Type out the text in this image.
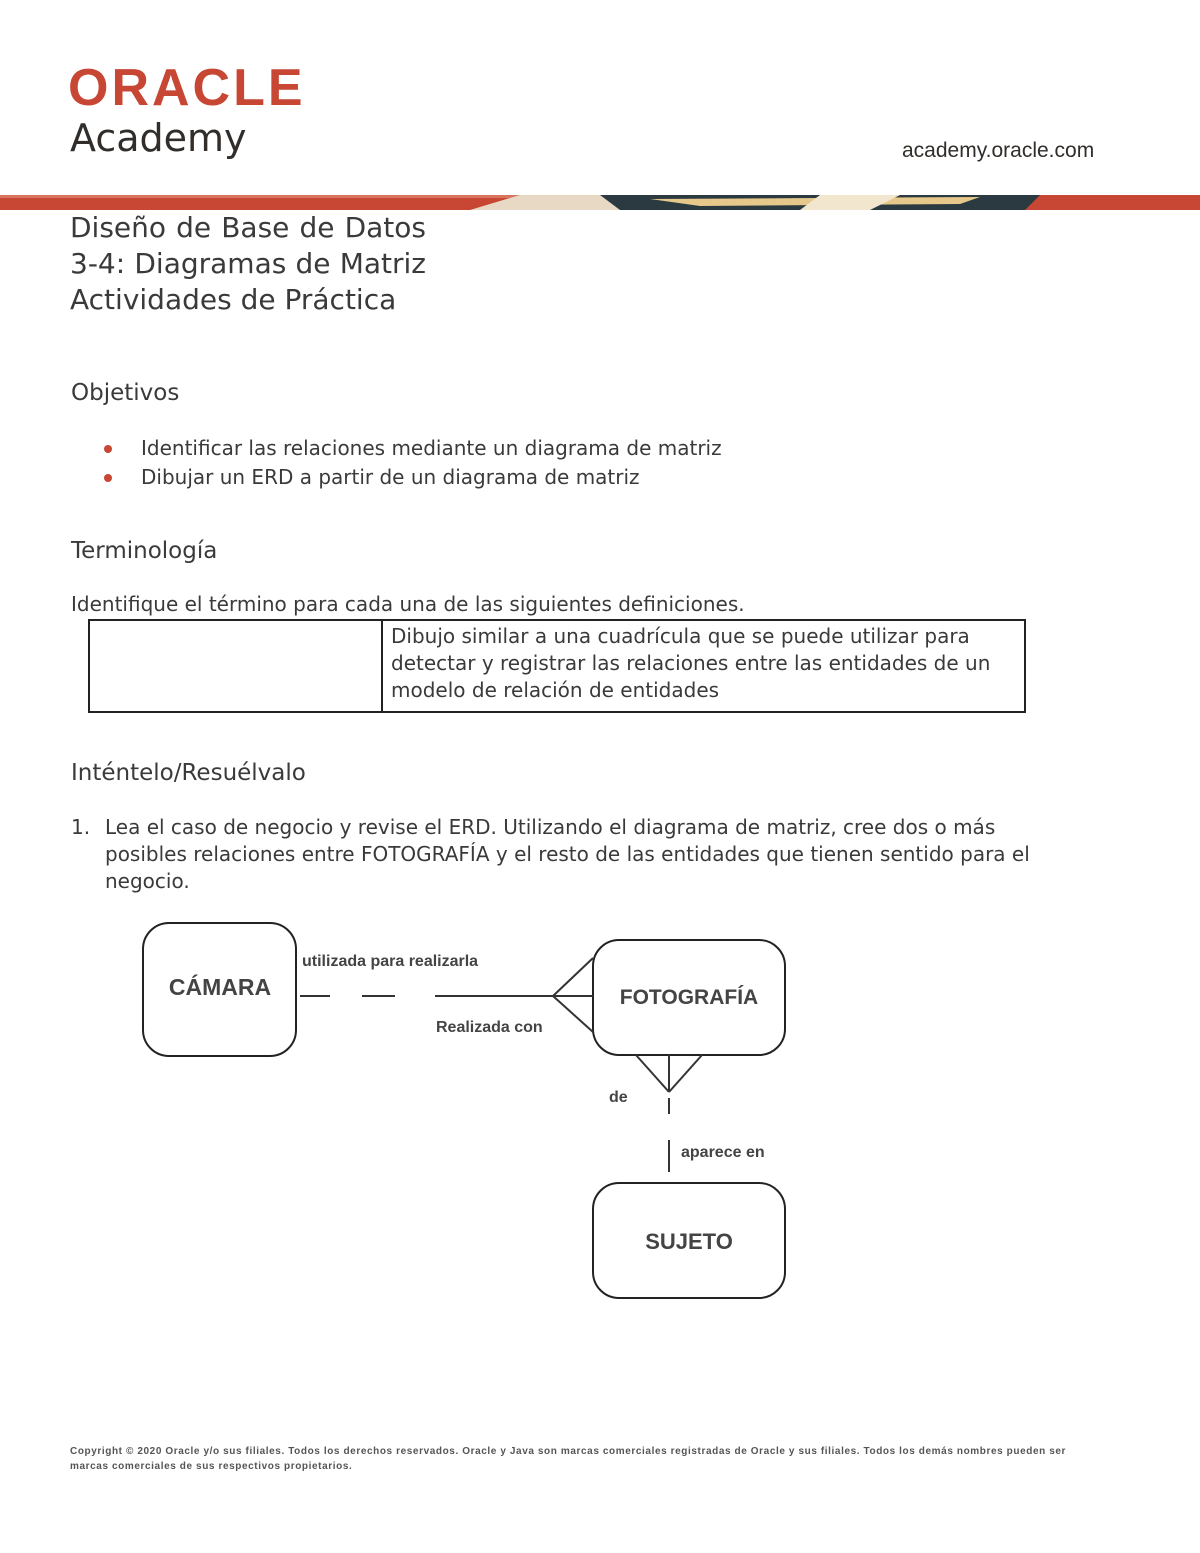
ORACLE
Academy	academy.oracle.com
Diseño de Base de Datos 3-4: Diagramas de Matriz Actividades de Práctica
Objetivos
Identificar las relaciones mediante un diagrama de matriz
Dibujar un ERD a partir de un diagrama de matriz
Terminología
Identifique el término para cada una de las siguientes definiciones.
Dibujo similar a una cuadrícula que se puede utilizar para detectar y registrar las relaciones entre las entidades de un modelo de relación de entidades
Inténtelo/Resuélvalo
1. Lea el caso de negocio y revise el ERD. Utilizando el diagrama de matriz, cree dos o más posibles relaciones entre FOTOGRAFÍA y el resto de las entidades que tienen sentido para el negocio.
CÁMARA	FOTOGRAFÍA
SUJETO
utilizada para realizarla
Realizada con
de
aparece en
Copyright © 2020 Oracle y/o sus filiales. Todos los derechos reservados. Oracle y Java son marcas comerciales registradas de Oracle y sus filiales. Todos los demás nombres pueden ser marcas comerciales de sus respectivos propietarios.
